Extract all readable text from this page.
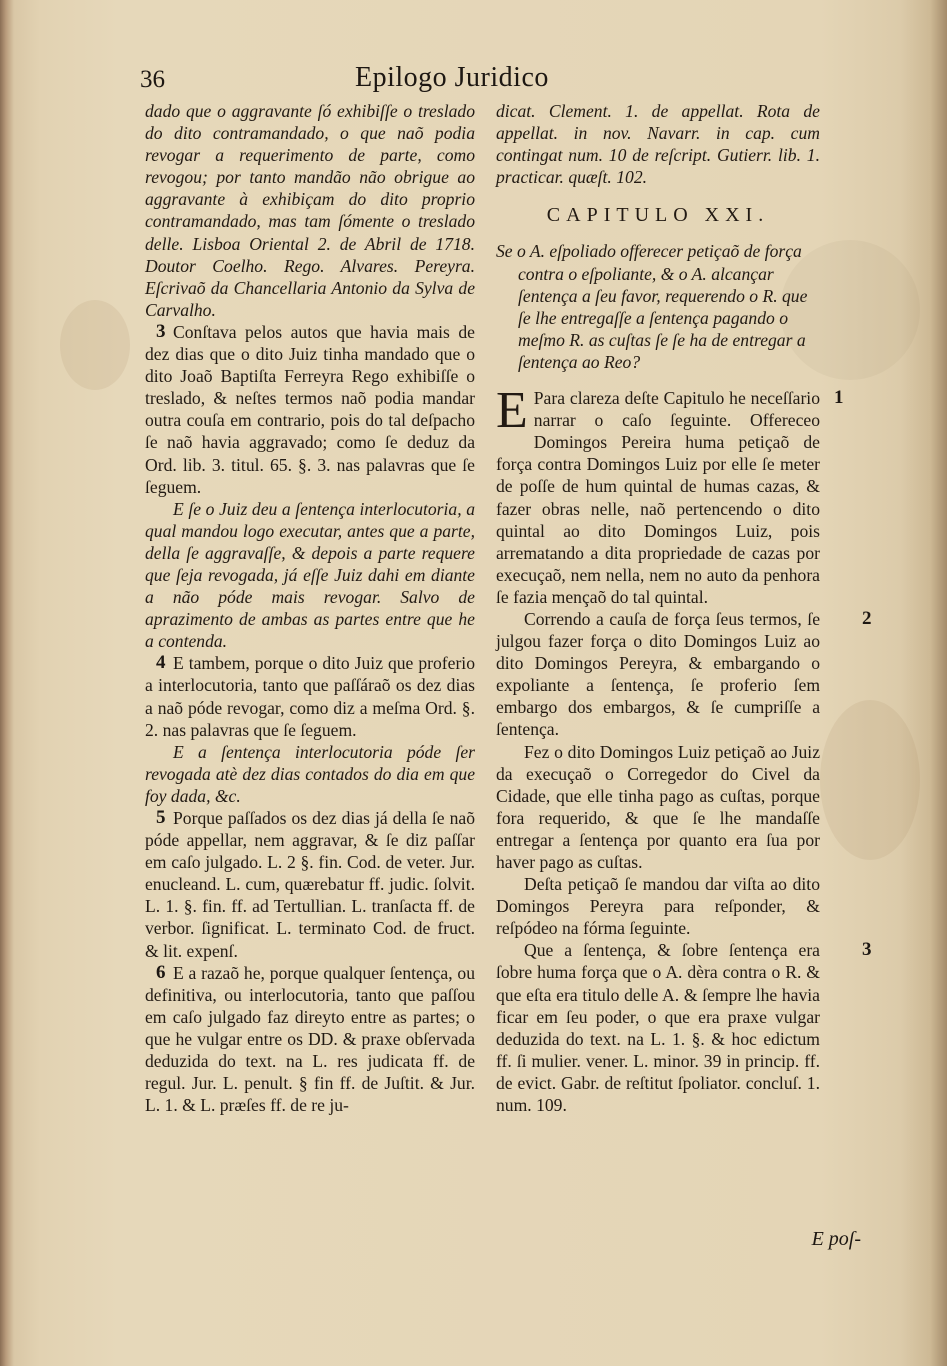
36	Epilogo Juridico

dado que o aggravante ſó exhibiſſe o treslado do dito contramandado, o que naõ podia revogar a requerimento de parte, como revogou; por tanto mandão não obrigue ao aggravante à exhibiçam do dito proprio contramandado, mas tam ſómente o treslado delle. Lisboa Oriental 2. de Abril de 1718. Doutor Coelho. Rego. Alvares. Pereyra. Eſcrivaõ da Chancellaria Antonio da Sylva de Carvalho.

3 Conſtava pelos autos que havia mais de dez dias que o dito Juiz tinha mandado que o dito Joaõ Baptiſta Ferreyra Rego exhibiſſe o treslado, & neſtes termos naõ podia mandar outra couſa em contrario, pois do tal deſpacho ſe naõ havia aggravado; como ſe deduz da Ord. lib. 3. titul. 65. §. 3. nas palavras que ſe ſeguem.

E ſe o Juiz deu a ſentença interlocutoria, a qual mandou logo executar, antes que a parte, della ſe aggravaſſe, & depois a parte requere que ſeja revogada, já eſſe Juiz dahi em diante a não póde mais revogar. Salvo de aprazimento de ambas as partes entre que he a contenda.

4 E tambem, porque o dito Juiz que proferio a interlocutoria, tanto que paſſáraõ os dez dias a naõ póde revogar, como diz a meſma Ord. §. 2. nas palavras que ſe ſeguem.

E a ſentença interlocutoria póde ſer revogada atè dez dias contados do dia em que foy dada, &c.

5 Porque paſſados os dez dias já della ſe naõ póde appellar, nem aggravar, & ſe diz paſſar em caſo julgado. L. 2 §. fin. Cod. de veter. Jur. enucleand. L. cum, quærebatur ff. judic. ſolvit. L. 1. §. fin. ff. ad Tertullian. L. tranſacta ff. de verbor. ſignificat. L. terminato Cod. de fruct. & lit. expenſ.

6 E a razaõ he, porque qualquer ſentença, ou definitiva, ou interlocutoria, tanto que paſſou em caſo julgado faz direyto entre as partes; o que he vulgar entre os DD. & praxe obſervada deduzida do text. na L. res judicata ff. de regul. Jur. L. penult. § fin ff. de Juſtit. & Jur. L. 1. & L. præſes ff. de re ju-

dicat. Clement. 1. de appellat. Rota de appellat. in nov. Navarr. in cap. cum contingat num. 10 de reſcript. Gutierr. lib. 1. practicar. quæſt. 102.

CAPITULO XXI.

Se o A. eſpoliado offerecer petiçaõ de força contra o eſpoliante, & o A. alcançar ſentença a ſeu favor, requerendo o R. que ſe lhe entregaſſe a ſentença pagando o meſmo R. as cuſtas ſe ſe ha de entregar a ſentença ao Reo?

1
E Para clareza deſte Capitulo he neceſſario narrar o caſo ſeguinte. Offereceo Domingos Pereira huma petiçaõ de força contra Domingos Luiz por elle ſe meter de poſſe de hum quintal de humas cazas, & fazer obras nelle, naõ pertencendo o dito quintal ao dito Domingos Luiz, pois arrematando a dita propriedade de cazas por execuçaõ, nem nella, nem no auto da penhora ſe fazia mençaõ do tal quintal.

2
Correndo a cauſa de força ſeus termos, ſe julgou fazer força o dito Domingos Luiz ao dito Domingos Pereyra, & embargando o expoliante a ſentença, ſe proferio ſem embargo dos embargos, & ſe cumpriſſe a ſentença.

Fez o dito Domingos Luiz petiçaõ ao Juiz da execuçaõ o Corregedor do Civel da Cidade, que elle tinha pago as cuſtas, porque fora requerido, & que ſe lhe mandaſſe entregar a ſentença por quanto era ſua por haver pago as cuſtas.

Deſta petiçaõ ſe mandou dar viſta ao dito Domingos Pereyra para reſponder, & reſpódeo na fórma ſeguinte.

3
Que a ſentença, & ſobre ſentença era ſobre huma força que o A. dèra contra o R. & que eſta era titulo delle A. & ſempre lhe havia ficar em ſeu poder, o que era praxe vulgar deduzida do text. na L. 1. §. & hoc edictum ff. ſi mulier. vener. L. minor. 39 in princip. ff. de evict. Gabr. de reſtitut ſpoliator. concluſ. 1. num. 109.

E poſ-
